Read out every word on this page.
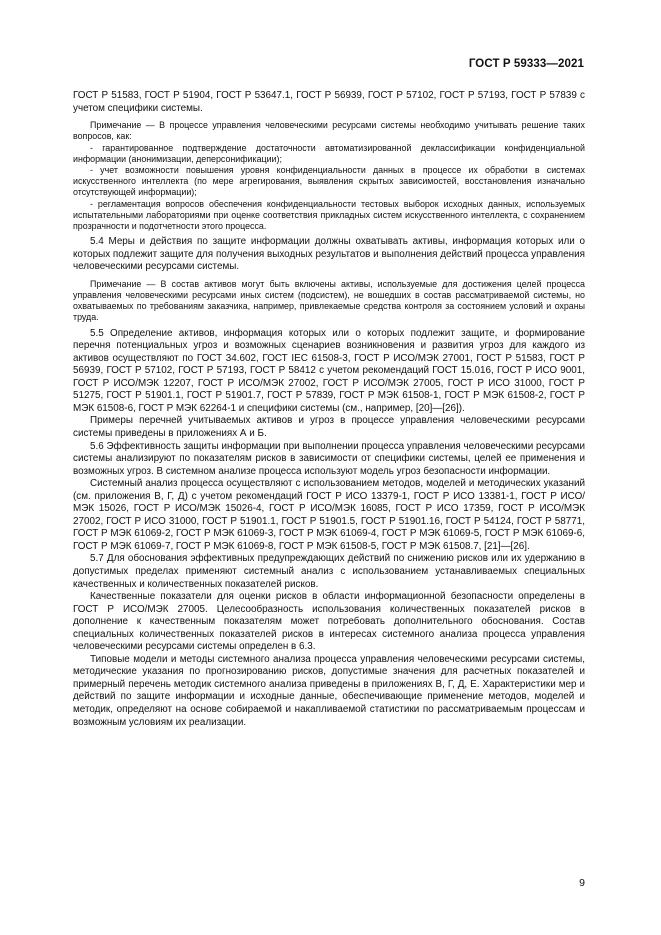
ГОСТ Р 59333—2021

ГОСТ Р 51583, ГОСТ Р 51904, ГОСТ Р 53647.1, ГОСТ Р 56939, ГОСТ Р 57102, ГОСТ Р 57193, ГОСТ Р 57839 с учетом специфики системы.

Примечание — В процессе управления человеческими ресурсами системы необходимо учитывать решение таких вопросов, как:

- гарантированное подтверждение достаточности автоматизированной деклассификации конфиденциальной информации (анонимизации, деперсонификации);

- учет возможности повышения уровня конфиденциальности данных в процессе их обработки в системах искусственного интеллекта (по мере агрегирования, выявления скрытых зависимостей, восстановления изначально отсутствующей информации);

- регламентация вопросов обеспечения конфиденциальности тестовых выборок исходных данных, используемых испытательными лабораториями при оценке соответствия прикладных систем искусственного интеллекта, с сохранением прозрачности и подотчетности этого процесса.

5.4 Меры и действия по защите информации должны охватывать активы, информация которых или о которых подлежит защите для получения выходных результатов и выполнения действий процесса управления человеческими ресурсами системы.

Примечание — В состав активов могут быть включены активы, используемые для достижения целей процесса управления человеческими ресурсами иных систем (подсистем), не вошедших в состав рассматриваемой системы, но охватываемых по требованиям заказчика, например, привлекаемые средства контроля за состоянием условий и охраны труда.

5.5 Определение активов, информация которых или о которых подлежит защите, и формирование перечня потенциальных угроз и возможных сценариев возникновения и развития угроз для каждого из активов осуществляют по ГОСТ 34.602, ГОСТ IEC 61508-3, ГОСТ Р ИСО/МЭК 27001, ГОСТ Р 51583, ГОСТ Р 56939, ГОСТ Р 57102, ГОСТ Р 57193, ГОСТ Р 58412 с учетом рекомендаций ГОСТ 15.016, ГОСТ Р ИСО 9001, ГОСТ Р ИСО/МЭК 12207, ГОСТ Р ИСО/МЭК 27002, ГОСТ Р ИСО/МЭК 27005, ГОСТ Р ИСО 31000, ГОСТ Р 51275, ГОСТ Р 51901.1, ГОСТ Р 51901.7, ГОСТ Р 57839, ГОСТ Р МЭК 61508-1, ГОСТ Р МЭК 61508-2, ГОСТ Р МЭК 61508-6, ГОСТ Р МЭК 62264-1 и специфики системы (см., например, [20]—[26]).

Примеры перечней учитываемых активов и угроз в процессе управления человеческими ресурсами системы приведены в приложениях А и Б.

5.6 Эффективность защиты информации при выполнении процесса управления человеческими ресурсами системы анализируют по показателям рисков в зависимости от специфики системы, целей ее применения и возможных угроз. В системном анализе процесса используют модель угроз безопасности информации.

Системный анализ процесса осуществляют с использованием методов, моделей и методических указаний (см. приложения В, Г, Д) с учетом рекомендаций ГОСТ Р ИСО 13379-1, ГОСТ Р ИСО 13381-1, ГОСТ Р ИСО/МЭК 15026, ГОСТ Р ИСО/МЭК 15026-4, ГОСТ Р ИСО/МЭК 16085, ГОСТ Р ИСО 17359, ГОСТ Р ИСО/МЭК 27002, ГОСТ Р ИСО 31000, ГОСТ Р 51901.1, ГОСТ Р 51901.5, ГОСТ Р 51901.16, ГОСТ Р 54124, ГОСТ Р 58771, ГОСТ Р МЭК 61069-2, ГОСТ Р МЭК 61069-3, ГОСТ Р МЭК 61069-4, ГОСТ Р МЭК 61069-5, ГОСТ Р МЭК 61069-6, ГОСТ Р МЭК 61069-7, ГОСТ Р МЭК 61069-8, ГОСТ Р МЭК 61508-5, ГОСТ Р МЭК 61508.7, [21]—[26].

5.7 Для обоснования эффективных предупреждающих действий по снижению рисков или их удержанию в допустимых пределах применяют системный анализ с использованием устанавливаемых специальных качественных и количественных показателей рисков.

Качественные показатели для оценки рисков в области информационной безопасности определены в ГОСТ Р ИСО/МЭК 27005. Целесообразность использования количественных показателей рисков в дополнение к качественным показателям может потребовать дополнительного обоснования. Состав специальных количественных показателей рисков в интересах системного анализа процесса управления человеческими ресурсами системы определен в 6.3.

Типовые модели и методы системного анализа процесса управления человеческими ресурсами системы, методические указания по прогнозированию рисков, допустимые значения для расчетных показателей и примерный перечень методик системного анализа приведены в приложениях В, Г, Д, Е. Характеристики мер и действий по защите информации и исходные данные, обеспечивающие применение методов, моделей и методик, определяют на основе собираемой и накапливаемой статистики по рассматриваемым процессам и возможным условиям их реализации.

9
